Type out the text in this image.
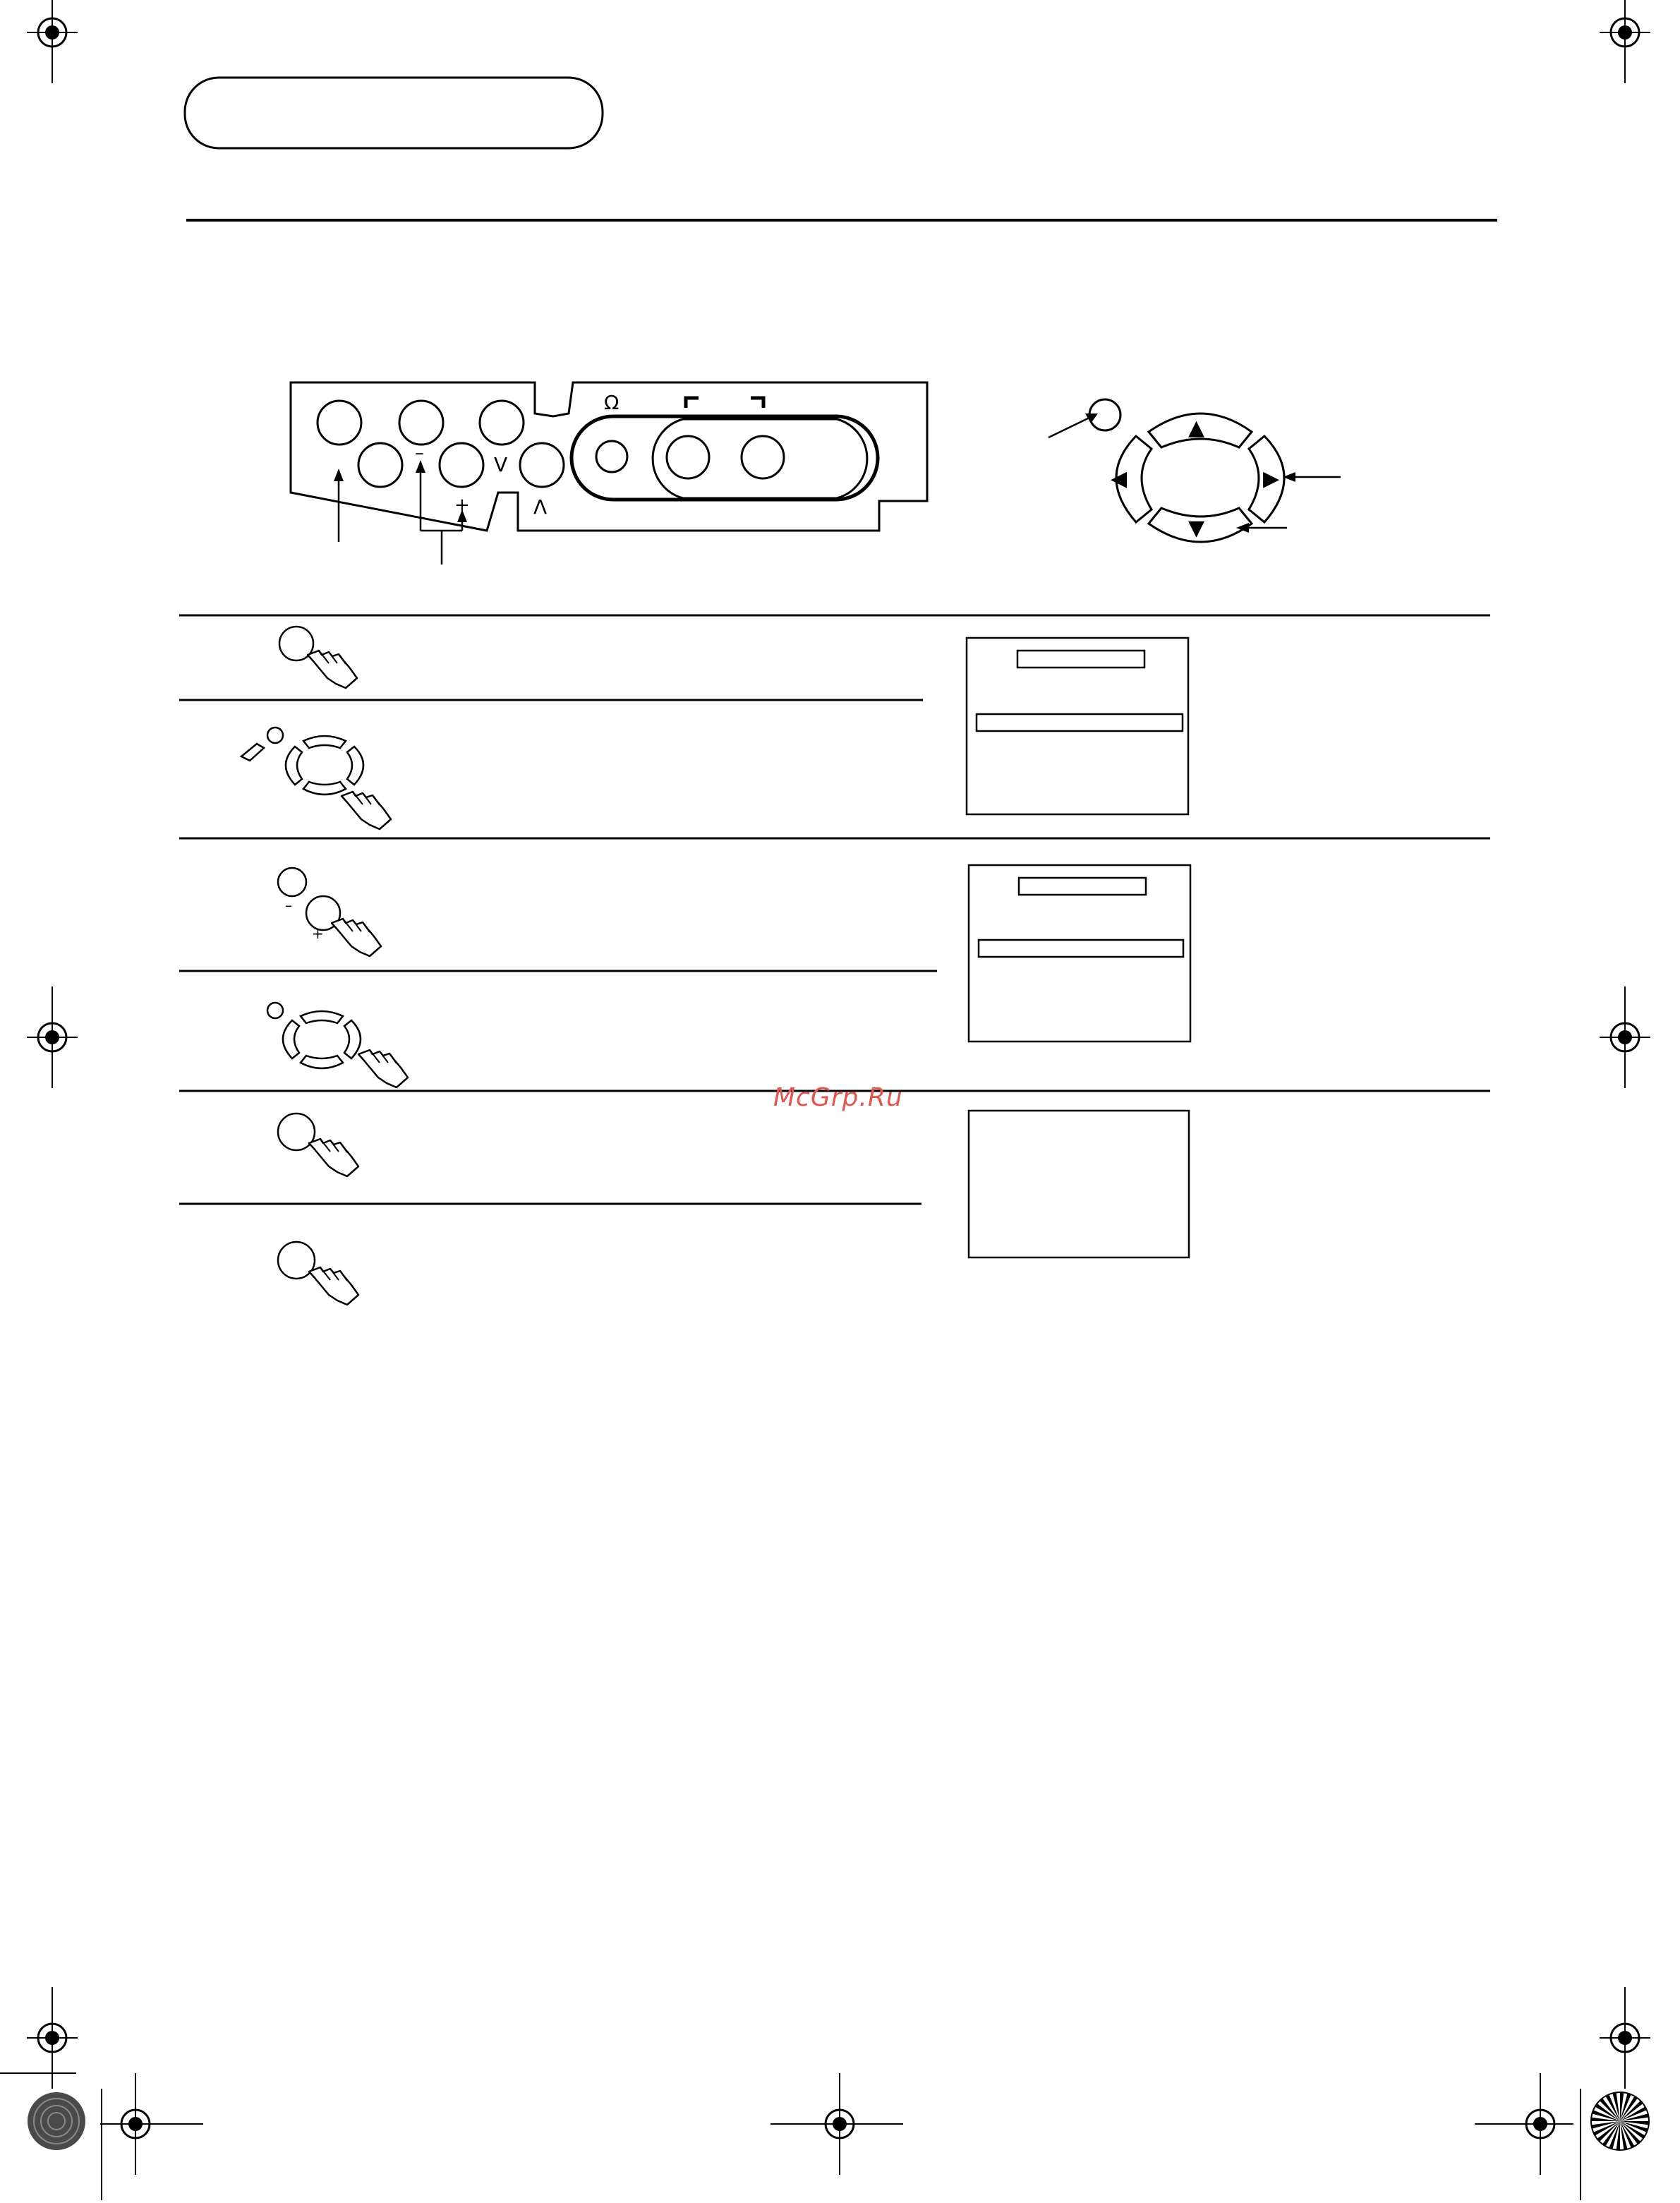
–
+
V
Λ
Ω
▲
▼
◀	▶
–
+
McGrp.Ru
